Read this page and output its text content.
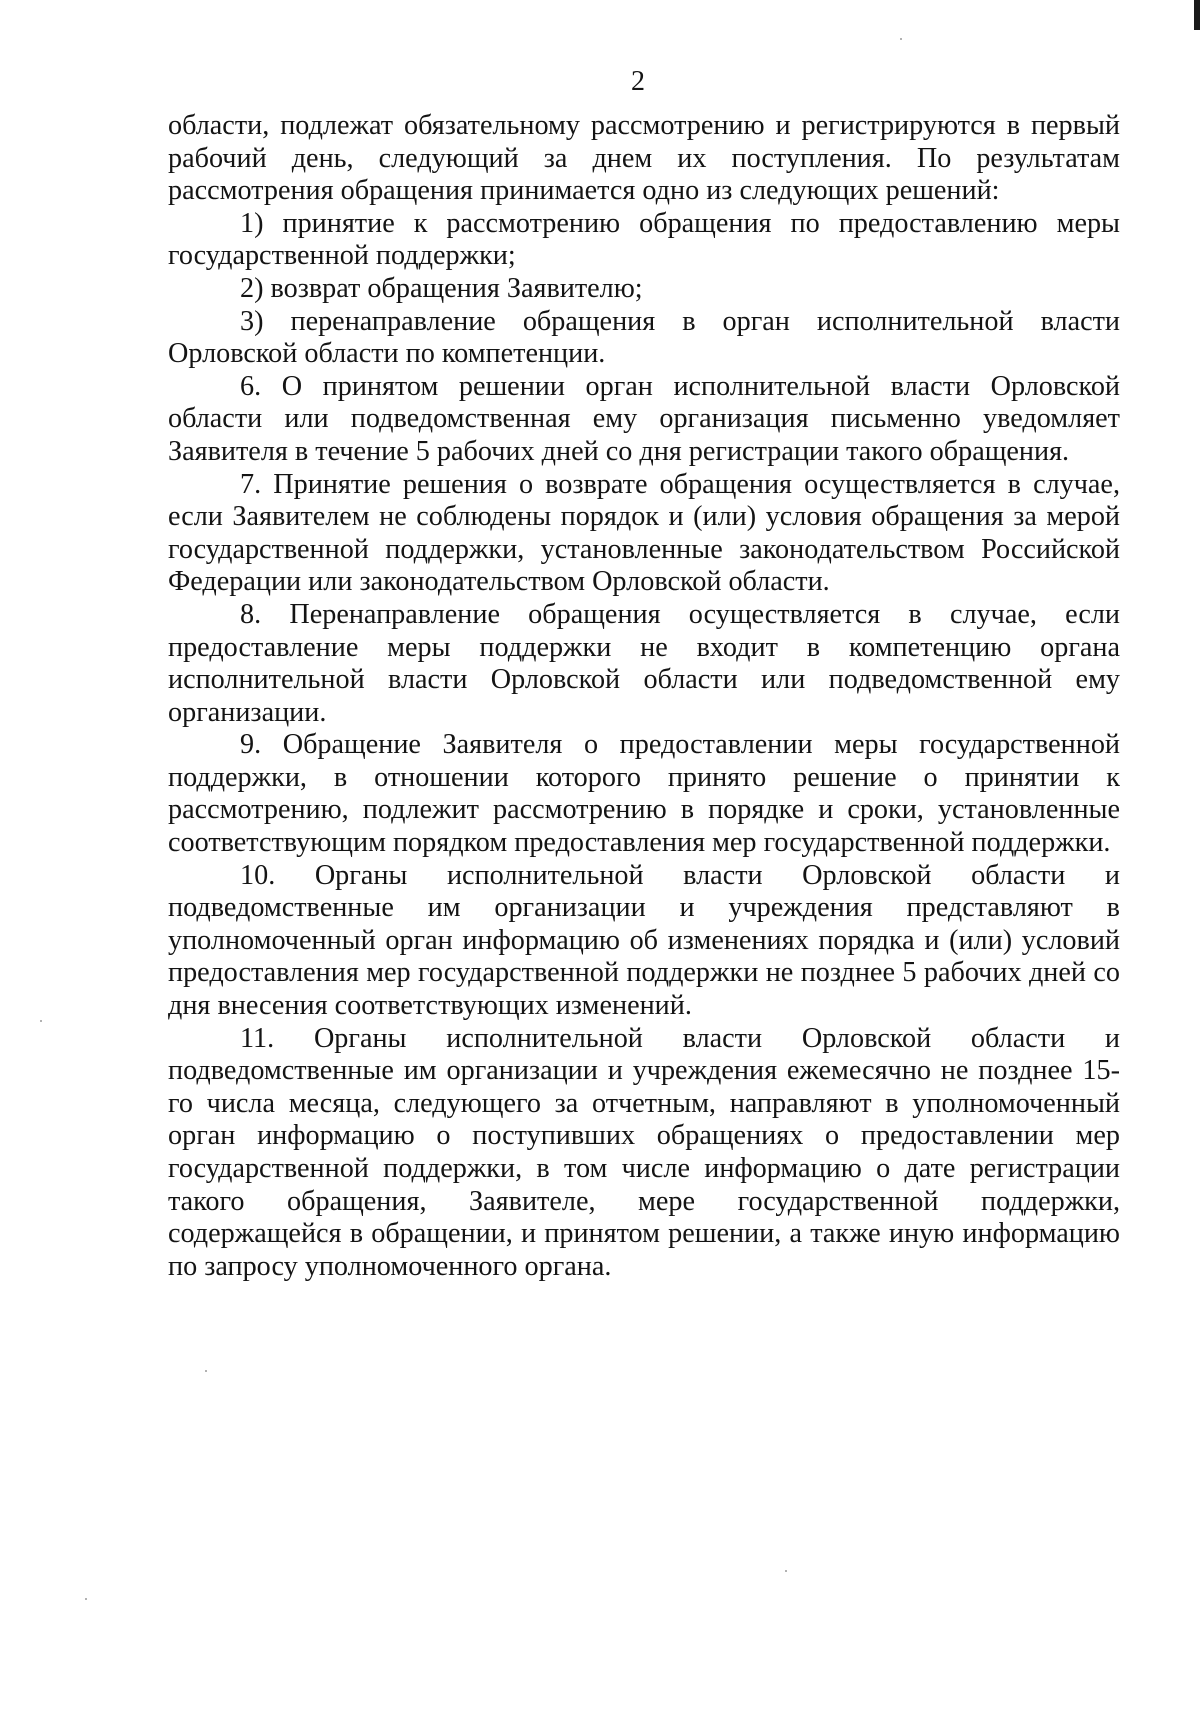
2

области, подлежат обязательному рассмотрению и регистрируются в первый рабочий день, следующий за днем их поступления. По результатам рассмотрения обращения принимается одно из следующих решений:

1) принятие к рассмотрению обращения по предоставлению меры государственной поддержки;

2) возврат обращения Заявителю;

3) перенаправление обращения в орган исполнительной власти Орловской области по компетенции.

6. О принятом решении орган исполнительной власти Орловской области или подведомственная ему организация письменно уведомляет Заявителя в течение 5 рабочих дней со дня регистрации такого обращения.

7. Принятие решения о возврате обращения осуществляется в случае, если Заявителем не соблюдены порядок и (или) условия обращения за мерой государственной поддержки, установленные законодательством Российской Федерации или законодательством Орловской области.

8. Перенаправление обращения осуществляется в случае, если предоставление меры поддержки не входит в компетенцию органа исполнительной власти Орловской области или подведомственной ему организации.

9. Обращение Заявителя о предоставлении меры государственной поддержки, в отношении которого принято решение о принятии к рассмотрению, подлежит рассмотрению в порядке и сроки, установленные соответствующим порядком предоставления мер государственной поддержки.

10. Органы исполнительной власти Орловской области и подведомственные им организации и учреждения представляют в уполномоченный орган информацию об изменениях порядка и (или) условий предоставления мер государственной поддержки не позднее 5 рабочих дней со дня внесения соответствующих изменений.

11. Органы исполнительной власти Орловской области и подведомственные им организации и учреждения ежемесячно не позднее 15-го числа месяца, следующего за отчетным, направляют в уполномоченный орган информацию о поступивших обращениях о предоставлении мер государственной поддержки, в том числе информацию о дате регистрации такого обращения, Заявителе, мере государственной поддержки, содержащейся в обращении, и принятом решении, а также иную информацию по запросу уполномоченного органа.
